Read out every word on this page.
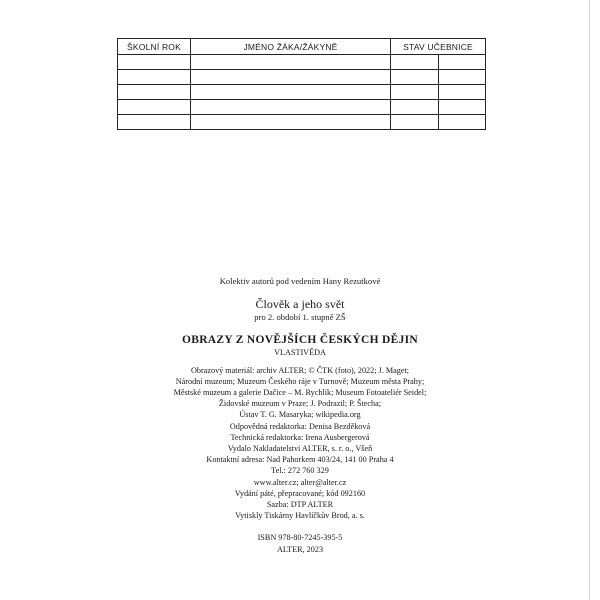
ŠKOLNÍ ROK	JMÉNO ŽÁKA/ŽÁKYNĚ	STAV UČEBNICE	

Kolektiv autorů pod vedením Hany Rezutkové
Člověk a jeho svět
pro 2. období 1. stupně ZŠ
OBRAZY Z NOVĚJŠÍCH ČESKÝCH DĚJIN
VLASTIVĚDA
Obrazový materiál: archiv ALTER; © ČTK (foto), 2022; J. Maget;
Národní muzeum; Muzeum Českého ráje v Turnově; Muzeum města Prahy;
Městské muzeum a galerie Dačice – M. Rychlík; Museum Fotoateliér Seidel;
Židovské muzeum v Praze; J. Podrazil; P. Štecha;
Ústav T. G. Masaryka; wikipedia.org
Odpovědná redaktorka: Denisa Bezděková
Technická redaktorka: Irena Ausbergerová
Vydalo Nakladatelství ALTER, s. r. o., Všeň
Kontaktní adresa: Nad Pahorkem 403/24, 141 00 Praha 4
Tel.: 272 760 329
www.alter.cz; alter@alter.cz
Vydání páté, přepracované; kód 092160
Sazba: DTP ALTER
Vytiskly Tiskárny Havlíčkův Brod, a. s.
ISBN 978-80-7245-395-5
ALTER, 2023
